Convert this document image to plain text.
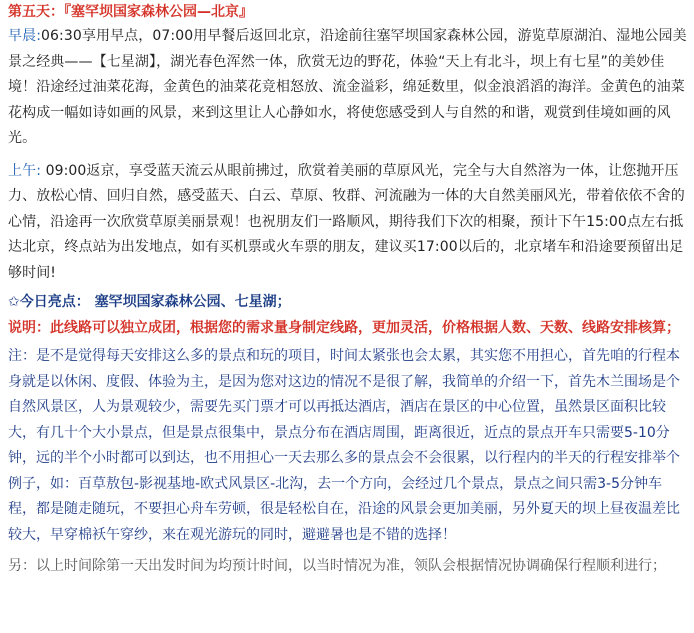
第五天：『塞罕坝国家森林公园—北京』

早晨:06:30享用早点，07:00用早餐后返回北京，沿途前往塞罕坝国家森林公园，游览草原湖泊、湿地公园美景之经典——【七星湖】，湖光春色浑然一体，欣赏无边的野花，体验“天上有北斗，坝上有七星”的美妙佳境！沿途经过油菜花海，金黄色的油菜花竞相怒放、流金溢彩，绵延数里，似金浪滔滔的海洋。金黄色的油菜花构成一幅如诗如画的风景，来到这里让人心静如水，将使您感受到人与自然的和谐，观赏到佳境如画的风光。

上午: 09:00返京，享受蓝天流云从眼前拂过，欣赏着美丽的草原风光，完全与大自然溶为一体，让您抛开压力、放松心情、回归自然，感受蓝天、白云、草原、牧群、河流融为一体的大自然美丽风光，带着依依不舍的心情，沿途再一次欣赏草原美丽景观！也祝朋友们一路顺风，期待我们下次的相聚，预计下午15:00点左右抵达北京，终点站为出发地点，如有买机票或火车票的朋友，建议买17:00以后的，北京堵车和沿途要预留出足够时间!

✩今日亮点： 塞罕坝国家森林公园、七星湖；

说明：此线路可以独立成团，根据您的需求量身制定线路，更加灵活，价格根据人数、天数、线路安排核算；

注：是不是觉得每天安排这么多的景点和玩的项目，时间太紧张也会太累，其实您不用担心，首先咱的行程本身就是以休闲、度假、体验为主，是因为您对这边的情况不是很了解，我简单的介绍一下，首先木兰围场是个自然风景区，人为景观较少，需要先买门票才可以再抵达酒店，酒店在景区的中心位置，虽然景区面积比较大，有几十个大小景点，但是景点很集中，景点分布在酒店周围，距离很近，近点的景点开车只需要5-10分钟，远的半个小时都可以到达，也不用担心一天去那么多的景点会不会很累，以行程内的半天的行程安排举个例子，如：百草敖包-影视基地-欧式风景区-北沟，去一个方向，会经过几个景点，景点之间只需3-5分钟车程，都是随走随玩，不要担心舟车劳顿，很是轻松自在，沿途的风景会更加美丽，另外夏天的坝上昼夜温差比较大，早穿棉袄午穿纱，来在观光游玩的同时，避避暑也是不错的选择！

另：以上时间除第一天出发时间为均预计时间，以当时情况为准，领队会根据情况协调确保行程顺利进行；
